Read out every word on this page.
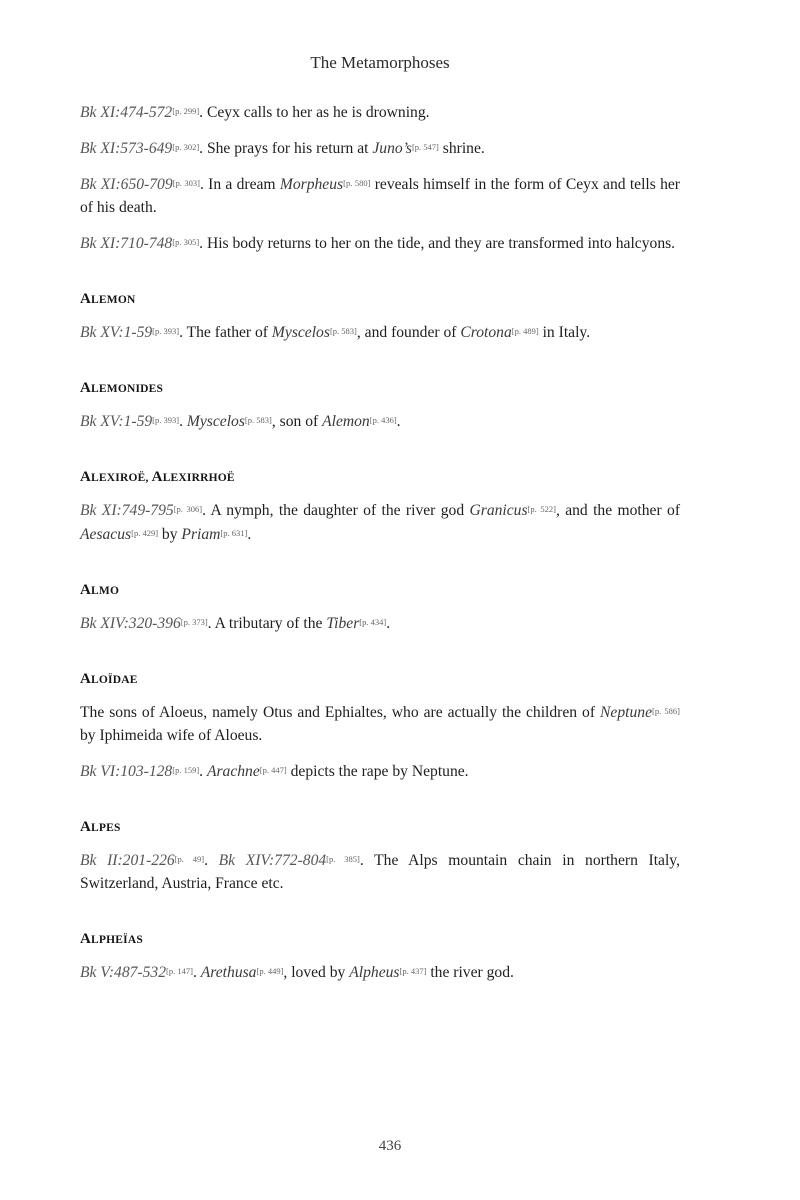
The Metamorphoses

Bk XI:474-572[p. 299]. Ceyx calls to her as he is drowning.

Bk XI:573-649[p. 302]. She prays for his return at Juno’s[p. 547] shrine.

Bk XI:650-709[p. 303]. In a dream Morpheus[p. 580] reveals himself in the form of Ceyx and tells her of his death.

Bk XI:710-748[p. 305]. His body returns to her on the tide, and they are transformed into halcyons.

ALEMON

Bk XV:1-59[p. 393]. The father of Myscelos[p. 583], and founder of Crotona[p. 489] in Italy.

ALEMONIDES

Bk XV:1-59[p. 393]. Myscelos[p. 583], son of Alemon[p. 436].

ALEXIROË, ALEXIRRHOË

Bk XI:749-795[p. 306]. A nymph, the daughter of the river god Granicus[p. 522], and the mother of Aesacus[p. 429] by Priam[p. 631].

ALMO

Bk XIV:320-396[p. 373]. A tributary of the Tiber[p. 434].

ALOÏDAE

The sons of Aloeus, namely Otus and Ephialtes, who are actually the children of Neptune[p. 586] by Iphimeida wife of Aloeus.

Bk VI:103-128[p. 159]. Arachne[p. 447] depicts the rape by Neptune.

ALPES

Bk II:201-226[p. 49]. Bk XIV:772-804[p. 385]. The Alps mountain chain in northern Italy, Switzerland, Austria, France etc.

ALPHEÏAS

Bk V:487-532[p. 147]. Arethusa[p. 449], loved by Alpheus[p. 437] the river god.

436
